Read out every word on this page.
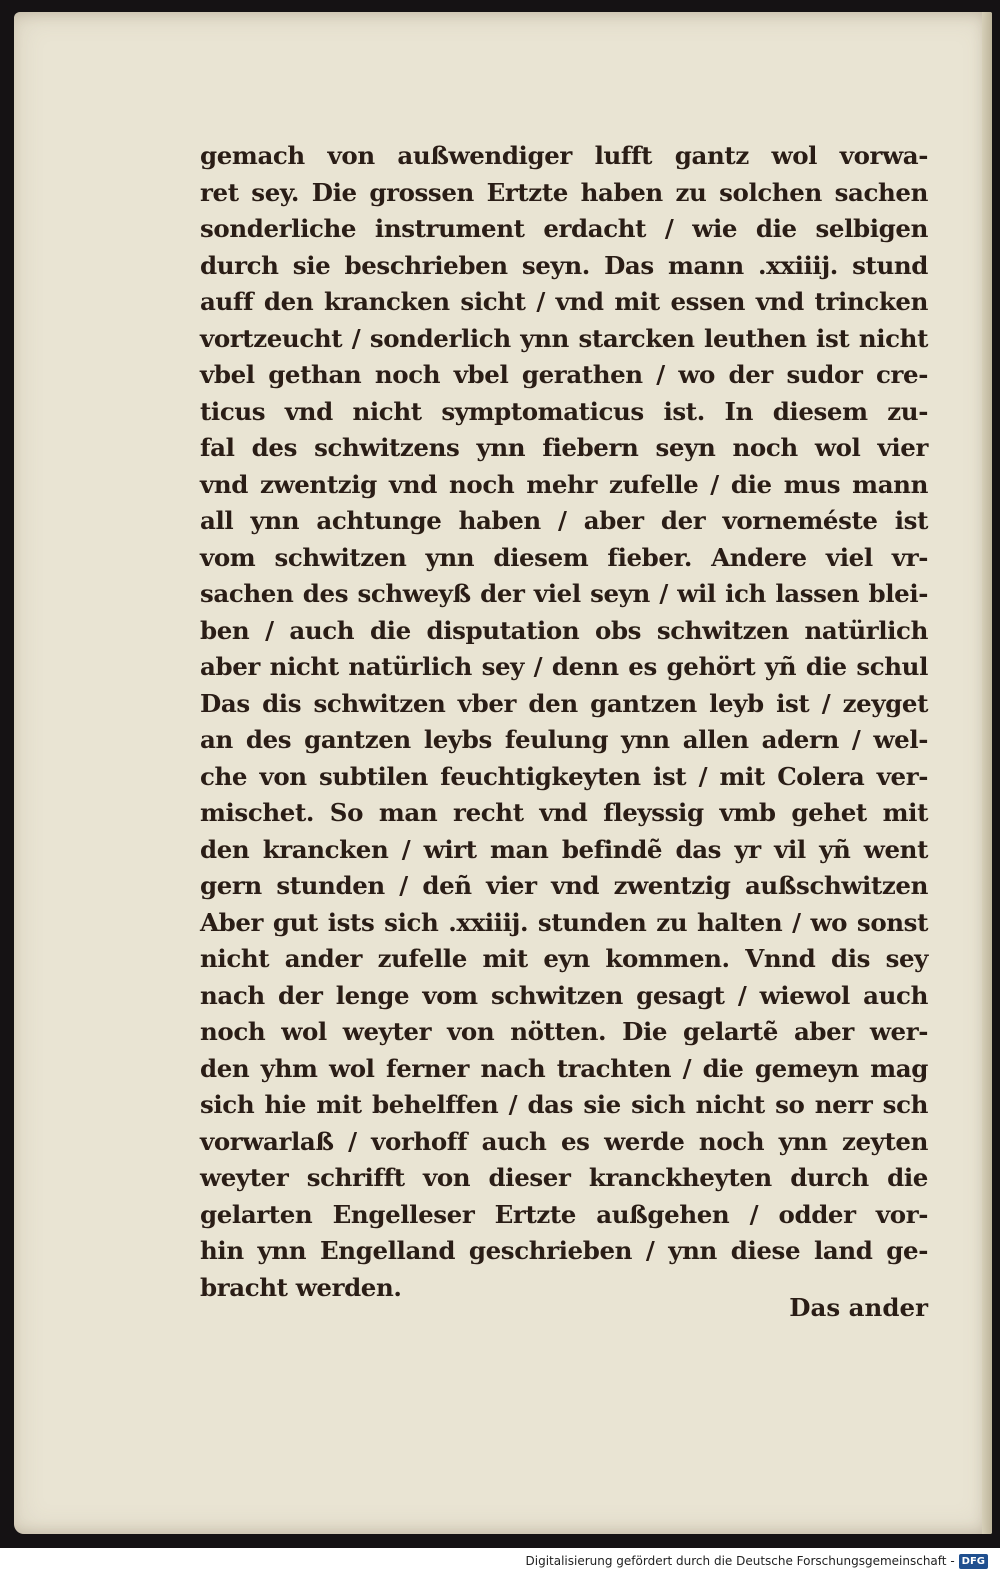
gemach von außwendiger lufft gantz wol vorwa-
ret sey. Die grossen Ertzte haben zu solchen sachen
sonderliche instrument erdacht / wie die selbigen
durch sie beschrieben seyn. Das mann .xxiiij. stund
auff den krancken sicht / vnd mit essen vnd trincken
vortzeucht / sonderlich ynn starcken leuthen ist nicht
vbel gethan noch vbel gerathen / wo der sudor cre-
ticus vnd nicht symptomaticus ist. In diesem zu-
fal des schwitzens ynn fiebern seyn noch wol vier
vnd zwentzig vnd noch mehr zufelle / die mus mann
all ynn achtunge haben / aber der vorneméste ist
vom schwitzen ynn diesem fieber. Andere viel vr-
sachen des schweyß der viel seyn / wil ich lassen blei-
ben / auch die disputation obs schwitzen natürlich
aber nicht natürlich sey / denn es gehört yñ die schul
Das dis schwitzen vber den gantzen leyb ist / zeyget
an des gantzen leybs feulung ynn allen adern / wel-
che von subtilen feuchtigkeyten ist / mit Colera ver-
mischet. So man recht vnd fleyssig vmb gehet mit
den krancken / wirt man befindẽ das yr vil yñ went
gern stunden / deñ vier vnd zwentzig außschwitzen
Aber gut ists sich .xxiiij. stunden zu halten / wo sonst
nicht ander zufelle mit eyn kommen. Vnnd dis sey
nach der lenge vom schwitzen gesagt / wiewol auch
noch wol weyter von nötten. Die gelartẽ aber wer-
den yhm wol ferner nach trachten / die gemeyn mag
sich hie mit behelffen / das sie sich nicht so nerr sch
vorwarlaß / vorhoff auch es werde noch ynn zeyten
weyter schrifft von dieser kranckheyten durch die
gelarten Engelleser Ertzte außgehen / odder vor-
hin ynn Engelland geschrieben / ynn diese land ge-
bracht werden.
Das ander
Digitalisierung gefördert durch die Deutsche Forschungsgemeinschaft - DFG
